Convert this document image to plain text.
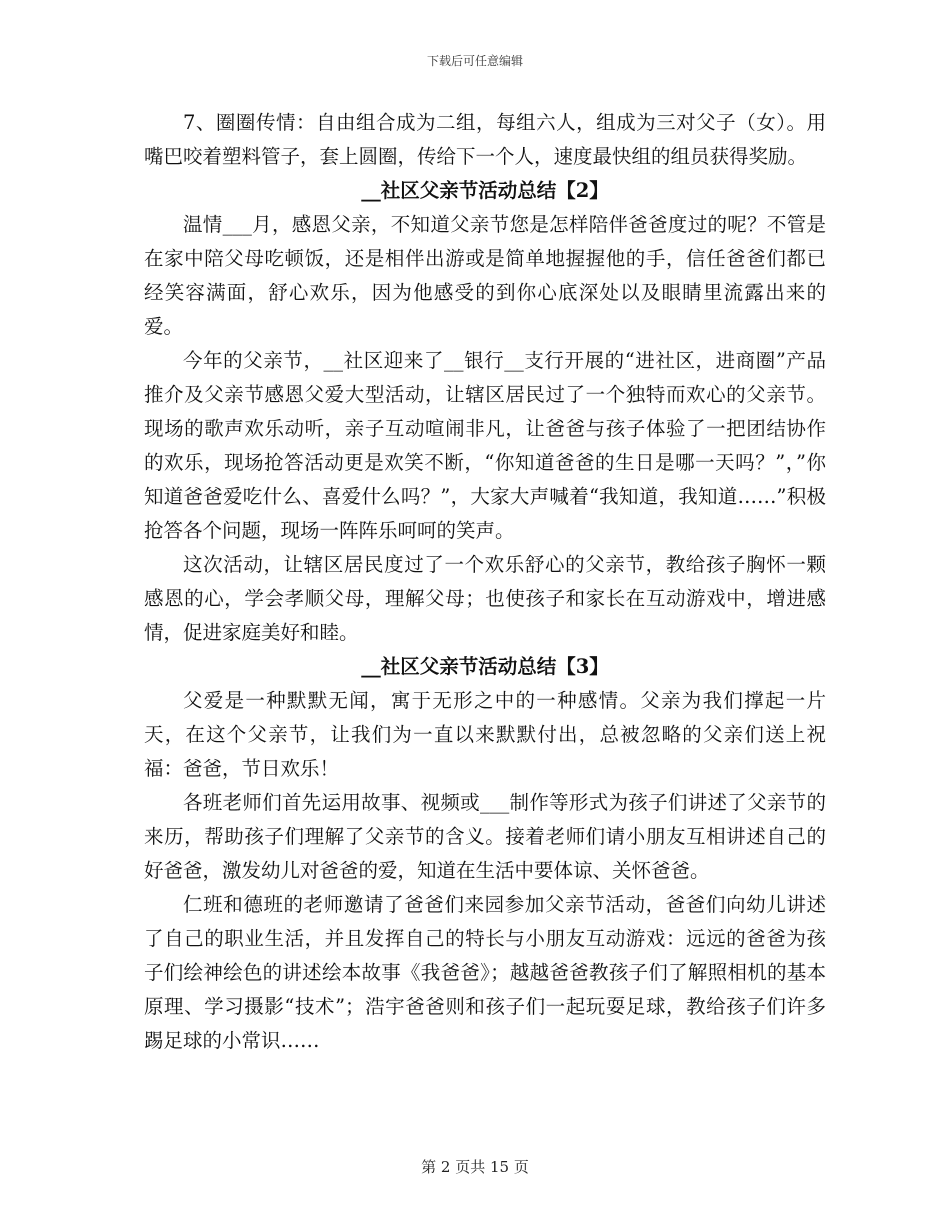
下载后可任意编辑

7、圈圈传情：自由组合成为二组，每组六人，组成为三对父子（女）。用嘴巴咬着塑料管子，套上圆圈，传给下一个人，速度最快组的组员获得奖励。

__社区父亲节活动总结【2】

温情___月，感恩父亲，不知道父亲节您是怎样陪伴爸爸度过的呢？不管是在家中陪父母吃顿饭，还是相伴出游或是简单地握握他的手，信任爸爸们都已经笑容满面，舒心欢乐，因为他感受的到你心底深处以及眼睛里流露出来的爱。

今年的父亲节，__社区迎来了__银行__支行开展的“进社区，进商圈”产品推介及父亲节感恩父爱大型活动，让辖区居民过了一个独特而欢心的父亲节。现场的歌声欢乐动听，亲子互动喧闹非凡，让爸爸与孩子体验了一把团结协作的欢乐，现场抢答活动更是欢笑不断，“你知道爸爸的生日是哪一天吗？”，”你知道爸爸爱吃什么、喜爱什么吗？”，大家大声喊着“我知道，我知道……”积极抢答各个问题，现场一阵阵乐呵呵的笑声。

这次活动，让辖区居民度过了一个欢乐舒心的父亲节，教给孩子胸怀一颗感恩的心，学会孝顺父母，理解父母；也使孩子和家长在互动游戏中，增进感情，促进家庭美好和睦。

__社区父亲节活动总结【3】

父爱是一种默默无闻，寓于无形之中的一种感情。父亲为我们撑起一片天，在这个父亲节，让我们为一直以来默默付出，总被忽略的父亲们送上祝福：爸爸，节日欢乐！

各班老师们首先运用故事、视频或___制作等形式为孩子们讲述了父亲节的来历，帮助孩子们理解了父亲节的含义。接着老师们请小朋友互相讲述自己的好爸爸，激发幼儿对爸爸的爱，知道在生活中要体谅、关怀爸爸。

仁班和德班的老师邀请了爸爸们来园参加父亲节活动，爸爸们向幼儿讲述了自己的职业生活，并且发挥自己的特长与小朋友互动游戏：远远的爸爸为孩子们绘神绘色的讲述绘本故事《我爸爸》；越越爸爸教孩子们了解照相机的基本原理、学习摄影“技术”；浩宇爸爸则和孩子们一起玩耍足球，教给孩子们许多踢足球的小常识……

第 2 页共 15 页
